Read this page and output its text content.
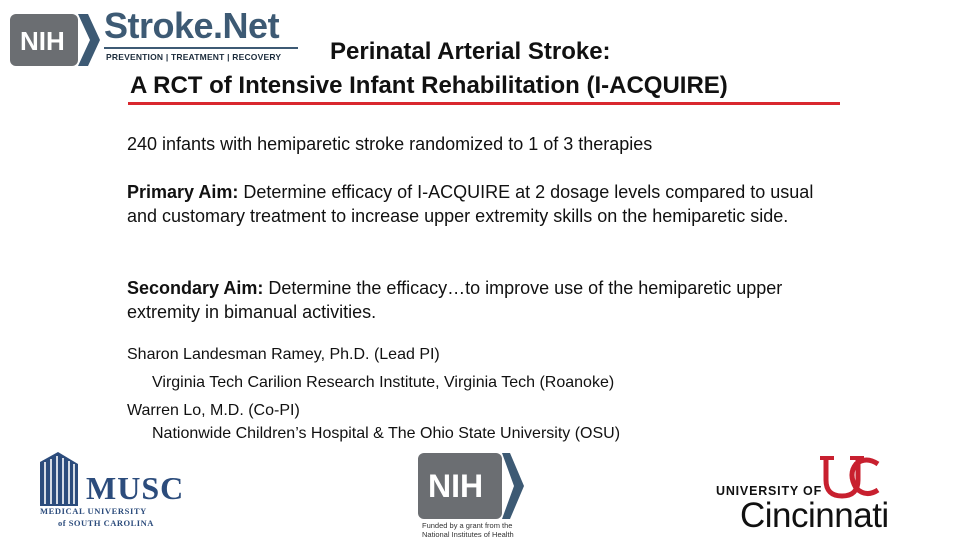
NIH Stroke.Net
PREVENTION | TREATMENT | RECOVERY Perinatal Arterial Stroke:
A RCT of Intensive Infant Rehabilitation (I-ACQUIRE)
240 infants with hemiparetic stroke randomized to 1 of 3 therapies
Primary Aim: Determine efficacy of I-ACQUIRE at 2 dosage levels compared to usual and customary treatment to increase upper extremity skills on the hemiparetic side.
Secondary Aim: Determine the efficacy…to improve use of the hemiparetic upper extremity in bimanual activities.
Sharon Landesman Ramey, Ph.D. (Lead PI)
Virginia Tech Carilion Research Institute, Virginia Tech (Roanoke)
Warren Lo, M.D. (Co-PI)
Nationwide Children’s Hospital & The Ohio State University (OSU)
MUSC
MEDICAL UNIVERSITY
of SOUTH CAROLINA
NIH
Funded by a grant from the
National Institutes of Health
UNIVERSITY OF
Cincinnati
